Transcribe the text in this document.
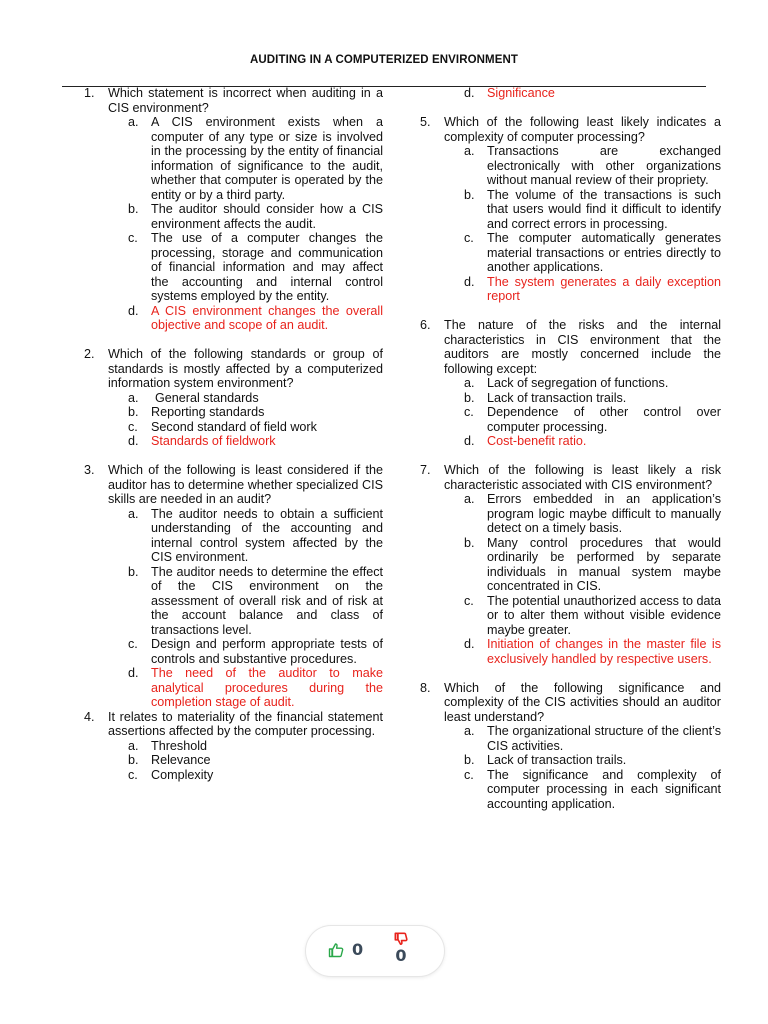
AUDITING IN A COMPUTERIZED ENVIRONMENT
1.	Which statement is incorrect when auditing in a CIS environment?
a. A CIS environment exists when a computer of any type or size is involved in the processing by the entity of financial information of significance to the audit, whether that computer is operated by the entity or by a third party.
b. The auditor should consider how a CIS environment affects the audit.
c.	The use of a computer changes the processing, storage and communication of financial information and may affect the accounting and internal control systems employed by the entity.
d. A CIS environment changes the overall objective and scope of an audit.
2.	Which of the following standards or group of standards is mostly affected by a computerized information system environment?
a.	General standards
b. Reporting standards
c.	Second standard of field work
d. Standards of fieldwork
3.	Which of the following is least considered if the auditor has to determine whether specialized CIS skills are needed in an audit?
a. The auditor needs to obtain a sufficient understanding of the accounting and internal control system affected by the CIS environment.
b. The auditor needs to determine the effect of the CIS environment on the assessment of overall risk and of risk at the account balance and class of transactions level.
c.	Design and perform appropriate tests of controls and substantive procedures.
d. The need of the auditor to make analytical procedures during the completion stage of audit.
4.	It relates to materiality of the financial statement assertions affected by the computer processing.
a. Threshold
b. Relevance
c.	Complexity
d. Significance
5.	Which of the following least likely indicates a complexity of computer processing?
a. Transactions are exchanged electronically with other organizations without manual review of their propriety.
b. The volume of the transactions is such that users would find it difficult to identify and correct errors in processing.
c.	The computer automatically generates material transactions or entries directly to another applications.
d. The system generates a daily exception report
6.	The nature of the risks and the internal characteristics in CIS environment that the auditors are mostly concerned include the following except:
a. Lack of segregation of functions.
b. Lack of transaction trails.
c.	Dependence of other control over computer processing.
d. Cost-benefit ratio.
7.	Which of the following is least likely a risk characteristic associated with CIS environment?
a. Errors embedded in an application’s program logic maybe difficult to manually detect on a timely basis.
b. Many control procedures that would ordinarily be performed by separate individuals in manual system maybe concentrated in CIS.
c.	The potential unauthorized access to data or to alter them without visible evidence maybe greater.
d. Initiation of changes in the master file is exclusively handled by respective users.
8.	Which of the following significance and complexity of the CIS activities should an auditor least understand?
a. The organizational structure of the client’s CIS activities.
b. Lack of transaction trails.
c.	The significance and complexity of computer processing in each significant accounting application.
0 0
